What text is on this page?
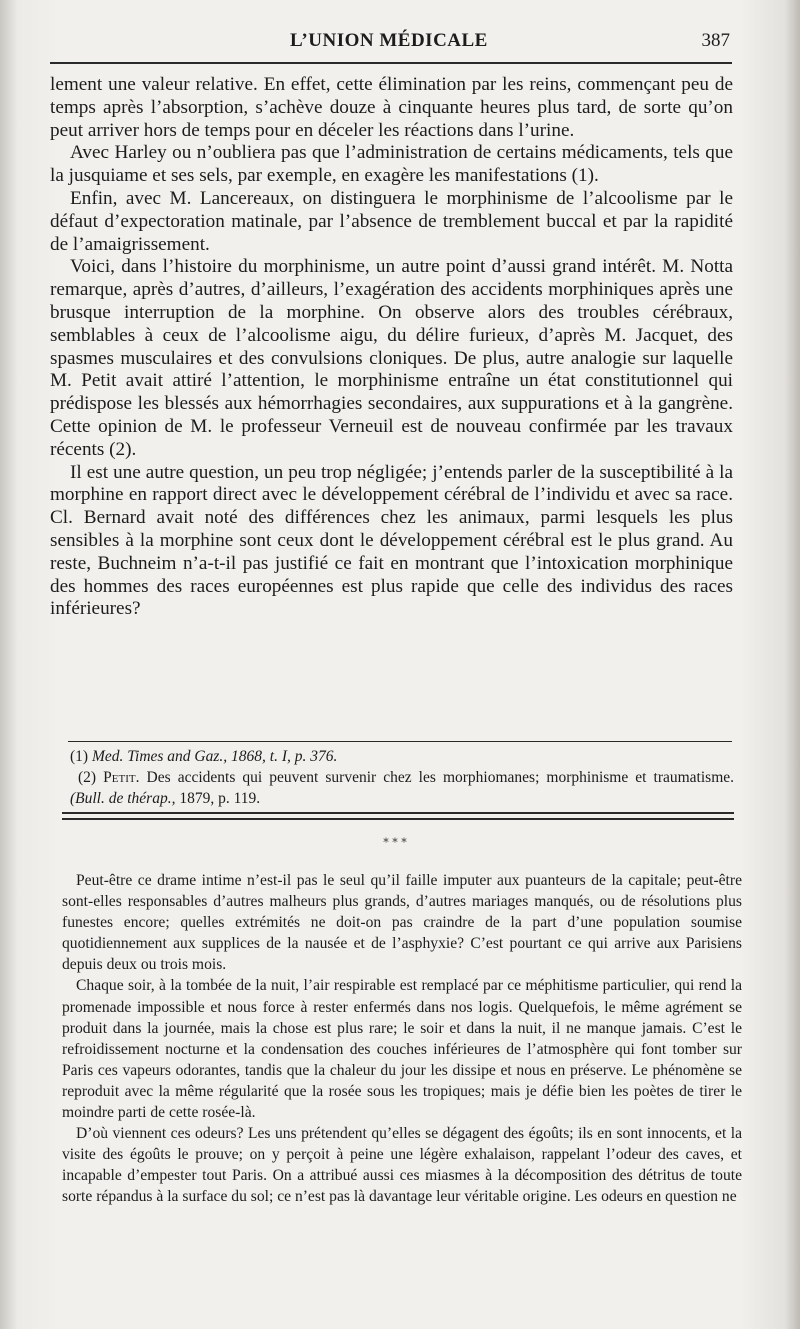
L’UNION MÉDICALE	387

lement une valeur relative. En effet, cette élimination par les reins, commençant peu de temps après l’absorption, s’achève douze à cinquante heures plus tard, de sorte qu’on peut arriver hors de temps pour en déceler les réactions dans l’urine.

Avec Harley ou n’oubliera pas que l’administration de certains médicaments, tels que la jusquiame et ses sels, par exemple, en exagère les manifestations (1).

Enfin, avec M. Lancereaux, on distinguera le morphinisme de l’alcoolisme par le défaut d’expectoration matinale, par l’absence de tremblement buccal et par la rapidité de l’amaigrissement.

Voici, dans l’histoire du morphinisme, un autre point d’aussi grand intérêt. M. Notta remarque, après d’autres, d’ailleurs, l’exagération des accidents morphiniques après une brusque interruption de la morphine. On observe alors des troubles cérébraux, semblables à ceux de l’alcoolisme aigu, du délire furieux, d’après M. Jacquet, des spasmes musculaires et des convulsions cloniques. De plus, autre analogie sur laquelle M. Petit avait attiré l’attention, le morphinisme entraîne un état constitutionnel qui prédispose les blessés aux hémorrhagies secondaires, aux suppurations et à la gangrène. Cette opinion de M. le professeur Verneuil est de nouveau confirmée par les travaux récents (2).

Il est une autre question, un peu trop négligée; j’entends parler de la susceptibilité à la morphine en rapport direct avec le développement cérébral de l’individu et avec sa race. Cl. Bernard avait noté des différences chez les animaux, parmi lesquels les plus sensibles à la morphine sont ceux dont le développement cérébral est le plus grand. Au reste, Buchneim n’a-t-il pas justifié ce fait en montrant que l’intoxication morphinique des hommes des races européennes est plus rapide que celle des individus des races inférieures?

(1) Med. Times and Gaz., 1868, t. I, p. 376.

(2) Petit. Des accidents qui peuvent survenir chez les morphiomanes; morphinisme et traumatisme. (Bull. de thérap., 1879, p. 119.

* * *

Peut-être ce drame intime n’est-il pas le seul qu’il faille imputer aux puanteurs de la capitale; peut-être sont-elles responsables d’autres malheurs plus grands, d’autres mariages manqués, ou de résolutions plus funestes encore; quelles extrémités ne doit-on pas craindre de la part d’une population soumise quotidiennement aux supplices de la nausée et de l’asphyxie? C’est pourtant ce qui arrive aux Parisiens depuis deux ou trois mois.

Chaque soir, à la tombée de la nuit, l’air respirable est remplacé par ce méphitisme particulier, qui rend la promenade impossible et nous force à rester enfermés dans nos logis. Quelquefois, le même agrément se produit dans la journée, mais la chose est plus rare; le soir et dans la nuit, il ne manque jamais. C’est le refroidissement nocturne et la condensation des couches inférieures de l’atmosphère qui font tomber sur Paris ces vapeurs odorantes, tandis que la chaleur du jour les dissipe et nous en préserve. Le phénomène se reproduit avec la même régularité que la rosée sous les tropiques; mais je défie bien les poètes de tirer le moindre parti de cette rosée-là.

D’où viennent ces odeurs? Les uns prétendent qu’elles se dégagent des égoûts; ils en sont innocents, et la visite des égoûts le prouve; on y perçoit à peine une légère exhalaison, rappelant l’odeur des caves, et incapable d’empester tout Paris. On a attribué aussi ces miasmes à la décomposition des détritus de toute sorte répandus à la surface du sol; ce n’est pas là davantage leur véritable origine. Les odeurs en question ne
